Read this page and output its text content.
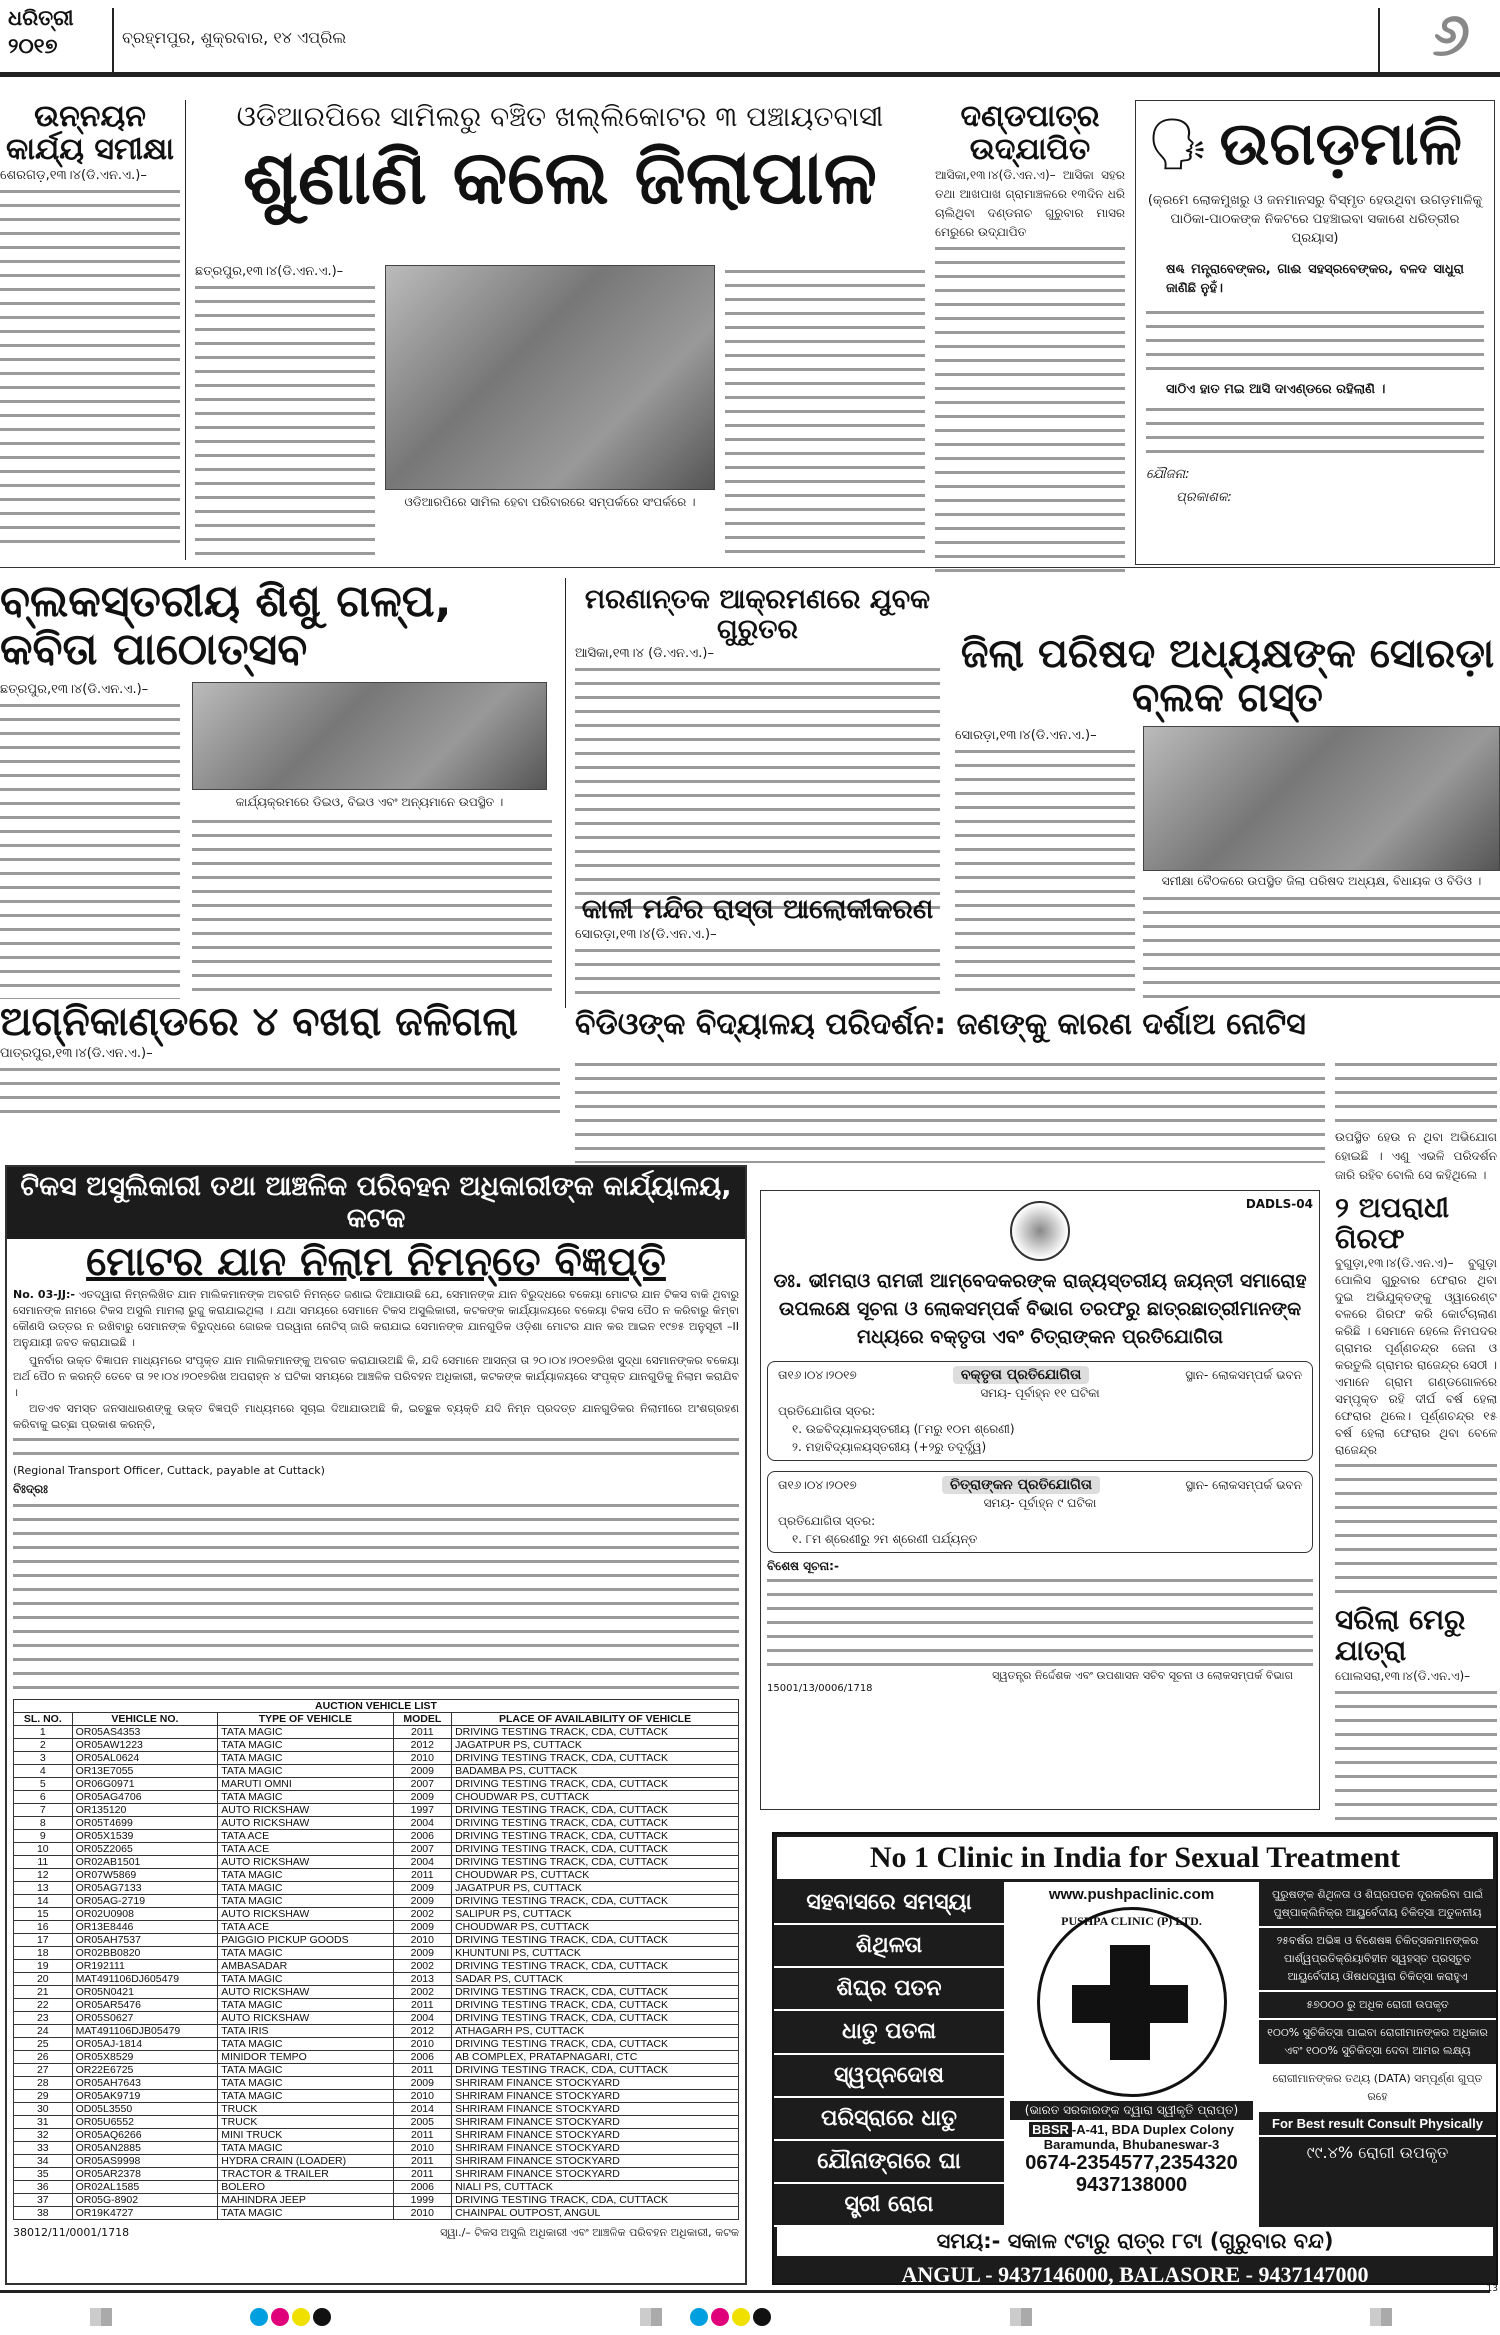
ଧରିତ୍ରୀ
୨୦୧୭	ବ୍ରହ୍ମପୁର, ଶୁକ୍ରବାର, ୧୪ ଏପ୍ରିଲ	୬
ଉନ୍ନୟନ କାର୍ଯ୍ୟ ସମୀକ୍ଷା
ଶେରଗଡ଼,୧୩।୪(ଡି.ଏନ.ଏ.)–
ଓଡିଆରପିରେ ସାମିଲରୁ ବଞ୍ଚିତ ଖଲ୍ଲିକୋଟର ୩ ପଞ୍ଚାୟତବାସୀ
ଶୁଣାଣି କଲେ ଜିଲାପାଳ
ଛତ୍ରପୁର,୧୩।୪(ଡି.ଏନ.ଏ.)–
ଓଡିଆରପିରେ ସାମିଲ ହେବା ପରିବାରରେ ସମ୍ପର୍କରେ ସଂପର୍କରେ ।
ଦଣ୍ଡପାତ୍ର ଉଦ୍‌ଯାପିତ
ଆସିକା,୧୩।୪(ଡି.ଏନ.ଏ)– ଆସିକା ସହର ତଥା ଆଖପାଖ ଗ୍ରାମାଞ୍ଚଳରେ ୧୩ଦିନ ଧରି ଚାଲିଥିବା ଦଣ୍ଡନାଚ ଗୁରୁବାର ମାସର ମେରୁରେ ଉଦ୍‌ଯାପିତ
🗣 ଉଗଡ଼ମାଳି
(କ୍ରମେ ଲୋକମୁଖରୁ ଓ ଜନମାନସରୁ ବିସ୍ମୃତ ହେଉଥିବା ଉଗଡ଼ମାଳିକୁ ପାଠିକା-ପାଠକଙ୍କ ନିକଟରେ ପହଞ୍ଚାଇବା ସକାଶେ ଧରିତ୍ରୀର ପ୍ରୟାସ)
ଷଣ୍ଢ ମନ୍ତ୍ରାବେଙ୍କର, ଗାଈ ସହସ୍ରବେଙ୍କର, ବଳଦ ସାଧୁରା ଜାଣିଛି ନୁହଁ।
ସାଠିଏ ହାତ ମଇ ଆସି ଦାଏଣ୍ଡରେ ରହିଲାଣି ।
ଯୌଜନା:
ପ୍ରକାଶକ:
ବ୍ଲକସ୍ତରୀୟ ଶିଶୁ ଗଳ୍ପ, କବିତା ପାଠୋତ୍ସବ
ଛତ୍ରପୁର,୧୩।୪(ଡି.ଏନ.ଏ.)–
କାର୍ଯ୍ୟକ୍ରମରେ ଡିଇଓ, ବିଇଓ ଏବଂ ଅନ୍ୟମାନେ ଉପସ୍ଥିତ ।
ମରଣାନ୍ତକ ଆକ୍ରମଣରେ ଯୁବକ ଗୁରୁତର
ଆସିକା,୧୩।୪ (ଡି.ଏନ.ଏ.)–
କାଳୀ ମନ୍ଦିର ରାସ୍ତା ଆଲୋକୀକରଣ
ସୋରଡ଼ା,୧୩।୪(ଡି.ଏନ.ଏ.)–
ଜିଲା ପରିଷଦ ଅଧ୍ୟକ୍ଷଙ୍କ ସୋରଡ଼ା ବ୍ଲକ ଗସ୍ତ
ସୋରଡ଼ା,୧୩।୪(ଡି.ଏନ.ଏ.)–
ସମୀକ୍ଷା ବୈଠକରେ ଉପସ୍ଥିତ ଜିଲା ପରିଷଦ ଅଧ୍ୟକ୍ଷ, ବିଧାୟକ ଓ ବିଡିଓ ।
ଅଗ୍ନିକାଣ୍ଡରେ ୪ ବଖରା ଜଳିଗଲା
ପାତ୍ରପୁର,୧୩।୪(ଡି.ଏନ.ଏ.)–
ବିଡିଓଙ୍କ ବିଦ୍ୟାଳୟ ପରିଦର୍ଶନ: ଜଣଙ୍କୁ କାରଣ ଦର୍ଶାଅ ନୋଟିସ
ଉପସ୍ଥିତ ହେଉ ନ ଥିବା ଅଭିଯୋଗ ହୋଇଛି । ଏଣୁ ଏଭଳି ପରିଦର୍ଶନ ଜାରି ରହିବ ବୋଲି ସେ କହିଥିଲେ ।
୨ ଅପରାଧୀ ଗିରଫ
ବୁଗୁଡ଼ା,୧୩।୪(ଡି.ଏନ.ଏ)– ବୁଗୁଡ଼ା ପୋଲିସ ଗୁରୁବାର ଫେରାର ଥିବା ଦୁଇ ଅଭିଯୁକ୍ତଙ୍କୁ ଓ୍ୱାରେଣ୍ଟ ବଳରେ ଗିରଫ କରି କୋର୍ଟଚାଲାଣ କରିଛି । ସେମାନେ ହେଲେ ନିମପଦର ଗ୍ରାମର ପୂର୍ଣ୍ଣଚନ୍ଦ୍ର ଜେନା ଓ କରତୁଲି ଗ୍ରାମର ରାଜେନ୍ଦ୍ର ସେଠୀ । ଏମାନେ ଗ୍ରାମ ଗଣ୍ଡଗୋଳରେ ସମ୍ପୃକ୍ତ ରହି ଦୀର୍ଘ ବର୍ଷ ହେଲା ଫେରାର ଥିଲେ। ପୂର୍ଣ୍ଣଚନ୍ଦ୍ର ୧୫ ବର୍ଷ ହେଲା ଫେରାର ଥିବା ବେଳେ ରାଜେନ୍ଦ୍ର
ସରିଲା ମେରୁ ଯାତ୍ରା
ପୋଲସରା,୧୩।୪(ଡି.ଏନ.ଏ)–
ଟିକସ ଅସୁଲିକାରୀ ତଥା ଆଞ୍ଚଳିକ ପରିବହନ ଅଧିକାରୀଙ୍କ କାର୍ଯ୍ୟାଳୟ, କଟକ
ମୋଟର ଯାନ ନିଲାମ ନିମନ୍ତେ ବିଜ୍ଞପ୍ତି
No. 03-JJ:- ଏତଦ୍ୱାରା ନିମ୍ନଲିଖିତ ଯାନ ମାଲିକମାନଙ୍କ ଅବଗତି ନିମନ୍ତେ ଜଣାଇ ଦିଆଯାଉଛି ଯେ, ସେମାନଙ୍କ ଯାନ ବିରୁଦ୍ଧରେ ବକେୟା ମୋଟର ଯାନ ଟିକସ ବାକି ଥିବାରୁ ସେମାନଙ୍କ ନାମରେ ଟିକସ ଅସୁଲି ମାମଲା ରୁଜୁ କରାଯାଇଥିଲା । ଯଥା ସମୟରେ ସେମାନେ ଟିକସ ଅସୁଲିକାରୀ, କଟକଙ୍କ କାର୍ଯ୍ୟାଳୟରେ ବକେୟା ଟିକସ ପୈଠ ନ କରିବାରୁ କିମ୍ବା କୌଣସି ଉତ୍ତର ନ ରଖିବାରୁ ସେମାନଙ୍କ ବିରୁଦ୍ଧରେ ଜୋରକ ପରୱାନା ନୋଟିସ୍ ଜାରି କରାଯାଇ ସେମାନଙ୍କ ଯାନଗୁଡିକ ଓଡ଼ିଶା ମୋଟର ଯାନ କର ଆଇନ ୧୯୭୫ ଅନୁସୂଚୀ –II ଅନୁଯାୟୀ ଜବତ କରାଯାଇଛି ।
ପୁନର୍ବାର ଉକ୍ତ ବିଜ୍ଞାପନ ମାଧ୍ୟମରେ ସଂପୃକ୍ତ ଯାନ ମାଲିକମାନଙ୍କୁ ଅବଗତ କରାଯାଉଅଛି କି, ଯଦି ସେମାନେ ଆସନ୍ତା ତା ୨୦।୦୪।୨୦୧୭ରିଖ ସୁଦ୍ଧା ସେମାନଙ୍କର ବକେୟା ଅର୍ଥ ପୈଠ ନ କରନ୍ତି ତେବେ ତା ୨୧।୦୪।୨୦୧୭ରିଖ ଅପରାହ୍ନ ୪ ଘଟିକା ସମୟରେ ଆଞ୍ଚଳିକ ପରିବହନ ଅଧିକାରୀ, କଟକଙ୍କ କାର୍ଯ୍ୟାଳୟରେ ସଂପୃକ୍ତ ଯାନଗୁଡିକୁ ନିଲାମ କରାଯିବ ।
ଅତଏବ ସମସ୍ତ ଜନସାଧାରଣଙ୍କୁ ଉକ୍ତ ବିଜ୍ଞପ୍ତି ମାଧ୍ୟମରେ ସୂଚାଇ ଦିଆଯାଉଅଛି କି, ଇଚ୍ଛୁକ ବ୍ୟକ୍ତି ଯଦି ନିମ୍ନ ପ୍ରଦତ୍ତ ଯାନଗୁଡିକର ନିଲାମୀରେ ଅଂଶଗ୍ରହଣ କରିବାକୁ ଇଚ୍ଛା ପ୍ରକାଶ କରନ୍ତି,
(Regional Transport Officer, Cuttack, payable at Cuttack)
ବିଃଦ୍ରଃ
AUCTION VEHICLE LIST				
SL. NO.	VEHICLE NO.	TYPE OF VEHICLE	MODEL	PLACE OF AVAILABILITY OF VEHICLE
1	OR05AS4353	TATA MAGIC	2011	DRIVING TESTING TRACK, CDA, CUTTACK
2	OR05AW1223	TATA MAGIC	2012	JAGATPUR PS, CUTTACK
3	OR05AL0624	TATA MAGIC	2010	DRIVING TESTING TRACK, CDA, CUTTACK
4	OR13E7055	TATA MAGIC	2009	BADAMBA PS, CUTTACK
5	OR06G0971	MARUTI OMNI	2007	DRIVING TESTING TRACK, CDA, CUTTACK
6	OR05AG4706	TATA MAGIC	2009	CHOUDWAR PS, CUTTACK
7	OR135120	AUTO RICKSHAW	1997	DRIVING TESTING TRACK, CDA, CUTTACK
8	OR05T4699	AUTO RICKSHAW	2004	DRIVING TESTING TRACK, CDA, CUTTACK
9	OR05X1539	TATA ACE	2006	DRIVING TESTING TRACK, CDA, CUTTACK
10	OR05Z2065	TATA ACE	2007	DRIVING TESTING TRACK, CDA, CUTTACK
11	OR02AB1501	AUTO RICKSHAW	2004	DRIVING TESTING TRACK, CDA, CUTTACK
12	OR07W5869	TATA MAGIC	2011	CHOUDWAR PS, CUTTACK
13	OR05AG7133	TATA MAGIC	2009	JAGATPUR PS, CUTTACK
14	OR05AG-2719	TATA MAGIC	2009	DRIVING TESTING TRACK, CDA, CUTTACK
15	OR02U0908	AUTO RICKSHAW	2002	SALIPUR PS, CUTTACK
16	OR13E8446	TATA ACE	2009	CHOUDWAR PS, CUTTACK
17	OR05AH7537	PAIGGIO PICKUP GOODS	2010	DRIVING TESTING TRACK, CDA, CUTTACK
18	OR02BB0820	TATA MAGIC	2009	KHUNTUNI PS, CUTTACK
19	OR192111	AMBASADAR	2002	DRIVING TESTING TRACK, CDA, CUTTACK
20	MAT491106DJ605479	TATA MAGIC	2013	SADAR PS, CUTTACK
21	OR05N0421	AUTO RICKSHAW	2002	DRIVING TESTING TRACK, CDA, CUTTACK
22	OR05AR5476	TATA MAGIC	2011	DRIVING TESTING TRACK, CDA, CUTTACK
23	OR05S0627	AUTO RICKSHAW	2004	DRIVING TESTING TRACK, CDA, CUTTACK
24	MAT491106DJB05479	TATA IRIS	2012	ATHAGARH PS, CUTTACK
25	OR05AJ-1814	TATA MAGIC	2010	DRIVING TESTING TRACK, CDA, CUTTACK
26	OR05X8529	MINIDOR TEMPO	2006	AB COMPLEX, PRATAPNAGARI, CTC
27	OR22E6725	TATA MAGIC	2011	DRIVING TESTING TRACK, CDA, CUTTACK
28	OR05AH7643	TATA MAGIC	2009	SHRIRAM FINANCE STOCKYARD
29	OR05AK9719	TATA MAGIC	2010	SHRIRAM FINANCE STOCKYARD
30	OD05L3550	TRUCK	2014	SHRIRAM FINANCE STOCKYARD
31	OR05U6552	TRUCK	2005	SHRIRAM FINANCE STOCKYARD
32	OR05AQ6266	MINI TRUCK	2011	SHRIRAM FINANCE STOCKYARD
33	OR05AN2885	TATA MAGIC	2010	SHRIRAM FINANCE STOCKYARD
34	OR05AS9998	HYDRA CRAIN (LOADER)	2011	SHRIRAM FINANCE STOCKYARD
35	OR05AR2378	TRACTOR & TRAILER	2011	SHRIRAM FINANCE STOCKYARD
36	OR02AL1585	BOLERO	2006	NIALI PS, CUTTACK
37	OR05G-8902	MAHINDRA JEEP	1999	DRIVING TESTING TRACK, CDA, CUTTACK
38	OR19K4727	TATA MAGIC	2010	CHAINPAL OUTPOST, ANGUL
38012/11/0001/1718	ସ୍ୱା./– ଟିକସ ଅସୁଲି ଅଧିକାରୀ ଏବଂ ଆଞ୍ଚଳିକ ପରିବହନ ଅଧିକାରୀ, କଟକ
DADLS-04
ଡଃ. ଭୀମରାଓ ରାମଜୀ ଆମ୍ବେଦକରଙ୍କ ରାଜ୍ୟସ୍ତରୀୟ ଜୟନ୍ତୀ ସମାରୋହ ଉପଲକ୍ଷେ ସୂଚନା ଓ ଲୋକସମ୍ପର୍କ ବିଭାଗ ତରଫରୁ ଛାତ୍ରଛାତ୍ରୀମାନଙ୍କ ମଧ୍ୟରେ ବକ୍ତୃତା ଏବଂ ଚିତ୍ରାଙ୍କନ ପ୍ରତିଯୋଗିତା
ତା୧୬।୦୪।୨୦୧୭	ବକ୍ତୃତା ପ୍ରତିଯୋଗିତା	ସ୍ଥାନ- ଲୋକସମ୍ପର୍କ ଭବନ
ସମୟ- ପୂର୍ବାହ୍ନ ୧୧ ଘଟିକା
ପ୍ରତିଯୋଗିତା ସ୍ତର:
୧. ଉଚ୍ଚବିଦ୍ୟାଳୟସ୍ତରୀୟ (୮ମରୁ ୧୦ମ ଶ୍ରେଣୀ)
୨. ମହାବିଦ୍ୟାଳୟସ୍ତରୀୟ (+୨ରୁ ତଦୂର୍ଦ୍ଧ୍ୱ)
ତା୧୬।୦୪।୨୦୧୭	ଚିତ୍ରାଙ୍କନ ପ୍ରତିଯୋଗିତା	ସ୍ଥାନ- ଲୋକସମ୍ପର୍କ ଭବନ
ସମୟ- ପୂର୍ବାହ୍ନ ୯ ଘଟିକା
ପ୍ରତିଯୋଗିତା ସ୍ତର:
୧. ୮ମ ଶ୍ରେଣୀରୁ ୨ମ ଶ୍ରେଣୀ ପର୍ଯ୍ୟନ୍ତ
ବିଶେଷ ସୂଚନା:-
ସ୍ୱତନ୍ତ୍ର ନିର୍ଦ୍ଦେଶକ ଏବଂ ଉପଶାସନ ସଚିବ ସୂଚନା ଓ ଲୋକସମ୍ପର୍କ ବିଭାଗ
15001/13/0006/1718
No 1 Clinic in India for Sexual Treatment
ସହବାସରେ ସମସ୍ୟା
ଶିଥିଳତା
ଶିଘ୍ର ପତନ
ଧାତୁ ପତଳା
ସ୍ୱପ୍ନଦୋଷ
ପରିସ୍ରାରେ ଧାତୁ
ଯୌନାଙ୍ଗରେ ଘା
ସ୍ତ୍ରୀ ରୋଗ
www.pushpaclinic.com
PUSHPA CLINIC (P) LTD.
(ଭାରତ ସରକାରଙ୍କ ଦ୍ୱାରା ସ୍ୱୀକୃତି ପ୍ରାପ୍ତ)
BBSR -A-41, BDA Duplex Colony
Baramunda, Bhubaneswar-3
0674-2354577,2354320
9437138000
ପୁରୁଷଙ୍କ ଶିଥିଳତା ଓ ଶିଘ୍ରପତନ ଦୂରକରିବା ପାଇଁ ପୁଷ୍ପାକ୍ଲିନିକ୍‌ର ଆୟୁର୍ବେଦୀୟ ଚିକିତ୍ସା ଅତୁଳନୀୟ
୨୫ବର୍ଷର ଅଭିଜ୍ଞ ଓ ବିଶେଷଜ୍ଞ ଚିକିତ୍ସକମାନଙ୍କର ପାର୍ଶ୍ୱପ୍ରତିକ୍ରିୟାବିହୀନ ସ୍ୱହସ୍ତ ପ୍ରସ୍ତୁତ ଆୟୁର୍ବେଦୀୟ ଔଷଧଦ୍ୱାରା ଚିକିତ୍ସା କରାହୁଏ
୫୭୦୦୦ ରୁ ଅଧିକ ରୋଗୀ ଉପକୃତ
୧୦୦% ସୁଚିକିତ୍ସା ପାଇବା ରୋଗୀମାନଙ୍କର ଅଧିକାର ଏବଂ ୧୦୦% ସୁଚିକିତ୍ସା ଦେବା ଆମର ଲକ୍ଷ୍ୟ
ରୋଗୀମାନଙ୍କର ତଥ୍ୟ (DATA) ସମ୍ପୂର୍ଣ୍ଣ ଗୁପ୍ତ ରହେ
For Best result Consult Physically
୯୯.୪% ରୋଗୀ ଉପକୃତ
ସମୟ:- ସକାଳ ୯ଟାରୁ ରାତ୍ର ୮ଟା (ଗୁରୁବାର ବନ୍ଦ)
ANGUL - 9437146000, BALASORE - 9437147000
13
